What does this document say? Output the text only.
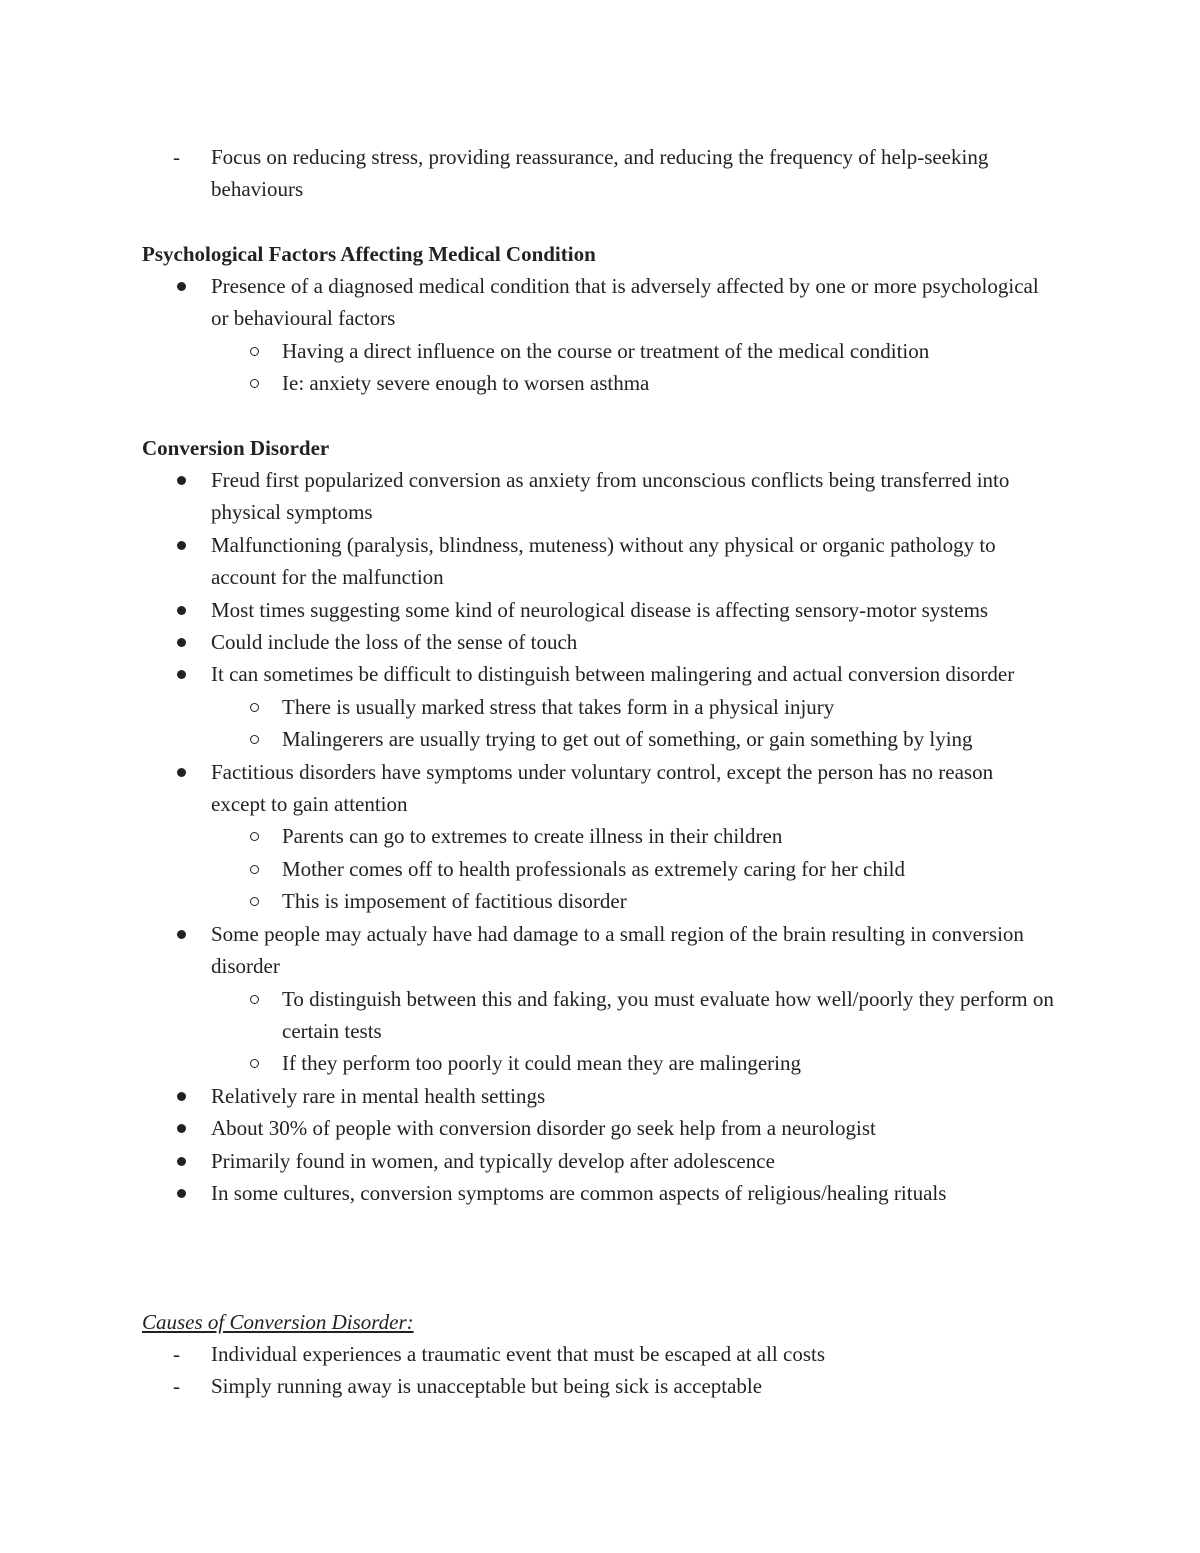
- Focus on reducing stress, providing reassurance, and reducing the frequency of help-seeking behaviours
Psychological Factors Affecting Medical Condition
Presence of a diagnosed medical condition that is adversely affected by one or more psychological or behavioural factors
Having a direct influence on the course or treatment of the medical condition
Ie: anxiety severe enough to worsen asthma
Conversion Disorder
Freud first popularized conversion as anxiety from unconscious conflicts being transferred into physical symptoms
Malfunctioning (paralysis, blindness, muteness) without any physical or organic pathology to account for the malfunction
Most times suggesting some kind of neurological disease is affecting sensory-motor systems
Could include the loss of the sense of touch
It can sometimes be difficult to distinguish between malingering and actual conversion disorder
There is usually marked stress that takes form in a physical injury
Malingerers are usually trying to get out of something, or gain something by lying
Factitious disorders have symptoms under voluntary control, except the person has no reason except to gain attention
Parents can go to extremes to create illness in their children
Mother comes off to health professionals as extremely caring for her child
This is imposement of factitious disorder
Some people may actualy have had damage to a small region of the brain resulting in conversion disorder
To distinguish between this and faking, you must evaluate how well/poorly they perform on certain tests
If they perform too poorly it could mean they are malingering
Relatively rare in mental health settings
About 30% of people with conversion disorder go seek help from a neurologist
Primarily found in women, and typically develop after adolescence
In some cultures, conversion symptoms are common aspects of religious/healing rituals
Causes of Conversion Disorder:
- Individual experiences a traumatic event that must be escaped at all costs
- Simply running away is unacceptable but being sick is acceptable
